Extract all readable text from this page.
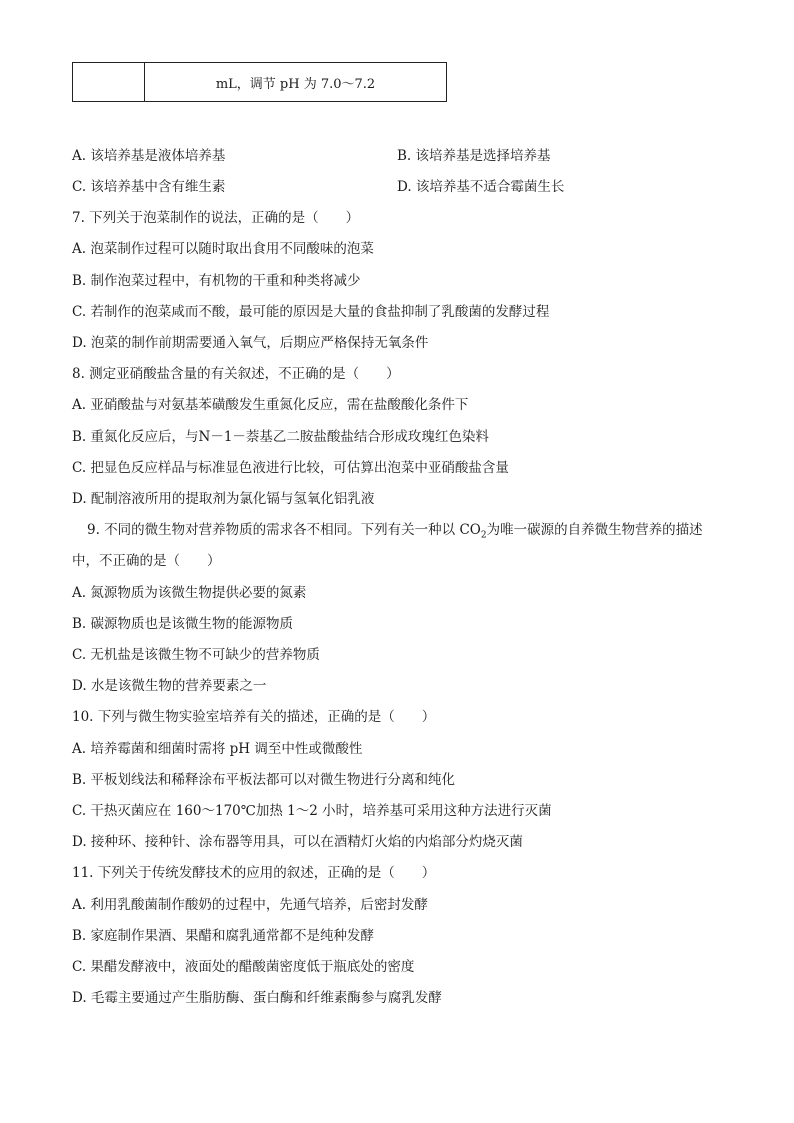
mL，调节 pH 为 7.0～7.2
A. 该培养基是液体培养基	B. 该培养基是选择培养基
C. 该培养基中含有维生素	D. 该培养基不适合霉菌生长
7. 下列关于泡菜制作的说法，正确的是（　　）
A. 泡菜制作过程可以随时取出食用不同酸味的泡菜
B. 制作泡菜过程中，有机物的干重和种类将减少
C. 若制作的泡菜咸而不酸，最可能的原因是大量的食盐抑制了乳酸菌的发酵过程
D. 泡菜的制作前期需要通入氧气，后期应严格保持无氧条件
8. 测定亚硝酸盐含量的有关叙述，不正确的是（　　）
A. 亚硝酸盐与对氨基苯磺酸发生重氮化反应，需在盐酸酸化条件下
B. 重氮化反应后，与N－1－萘基乙二胺盐酸盐结合形成玫瑰红色染料
C. 把显色反应样品与标准显色液进行比较，可估算出泡菜中亚硝酸盐含量
D. 配制溶液所用的提取剂为氯化镉与氢氧化铝乳液
9. 不同的微生物对营养物质的需求各不相同。下列有关一种以 $CO_2$为唯一碳源的自养微生物营养的描述
中，不正确的是（　　）
A. 氮源物质为该微生物提供必要的氮素
B. 碳源物质也是该微生物的能源物质
C. 无机盐是该微生物不可缺少的营养物质
D. 水是该微生物的营养要素之一
10. 下列与微生物实验室培养有关的描述，正确的是（　　）
A. 培养霉菌和细菌时需将 pH 调至中性或微酸性
B. 平板划线法和稀释涂布平板法都可以对微生物进行分离和纯化
C. 干热灭菌应在 160～170℃加热 1～2 小时，培养基可采用这种方法进行灭菌
D. 接种环、接种针、涂布器等用具，可以在酒精灯火焰的内焰部分灼烧灭菌
11. 下列关于传统发酵技术的应用的叙述，正确的是（　　）
A. 利用乳酸菌制作酸奶的过程中，先通气培养，后密封发酵
B. 家庭制作果酒、果醋和腐乳通常都不是纯种发酵
C. 果醋发酵液中，液面处的醋酸菌密度低于瓶底处的密度
D. 毛霉主要通过产生脂肪酶、蛋白酶和纤维素酶参与腐乳发酵
